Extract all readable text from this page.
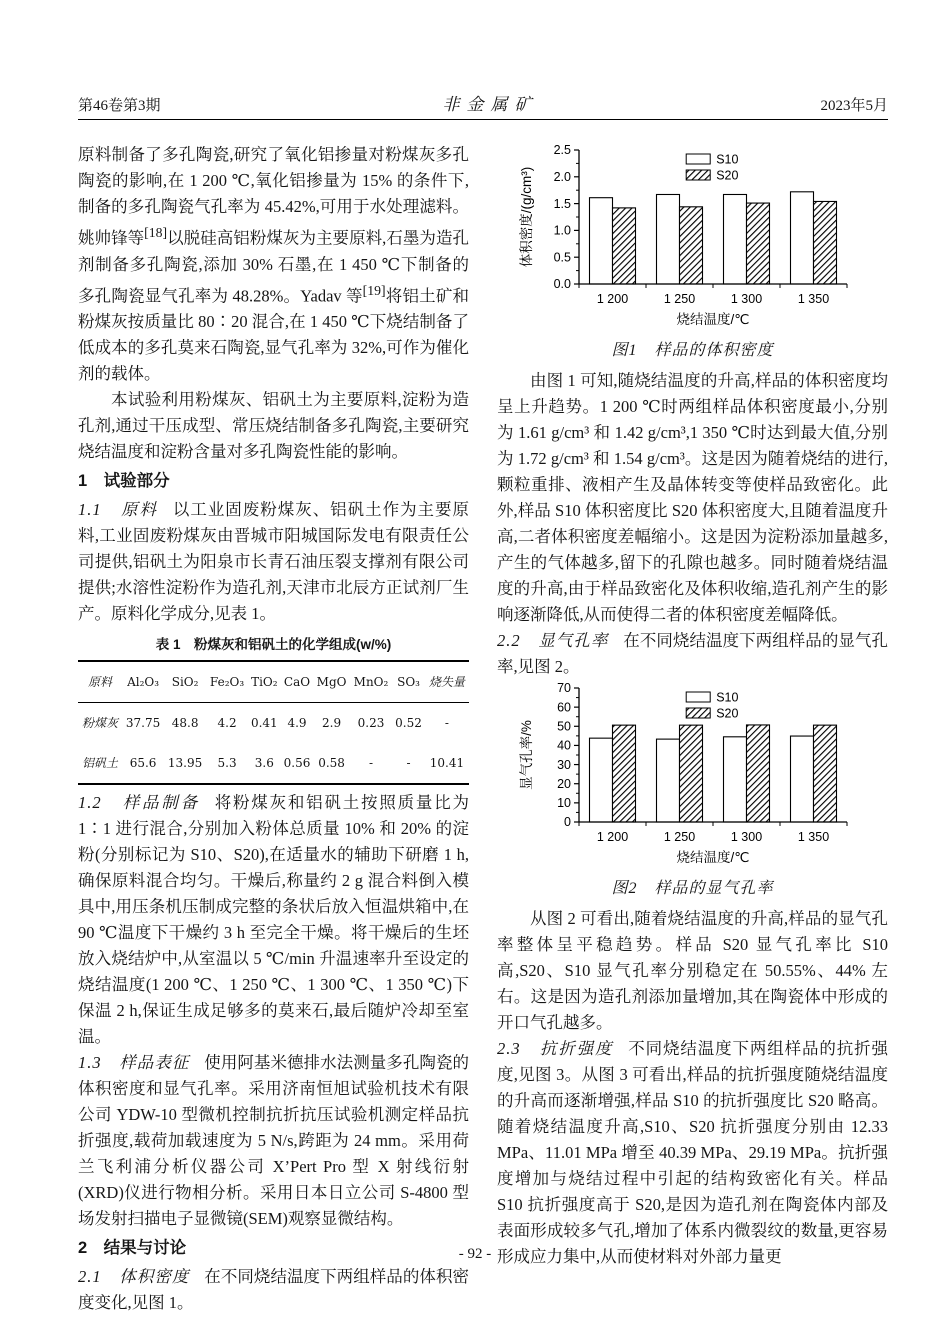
第46卷第3期	非金属矿	2023年5月

原料制备了多孔陶瓷,研究了氧化铝掺量对粉煤灰多孔陶瓷的影响,在 1 200 ℃,氧化铝掺量为 15% 的条件下,制备的多孔陶瓷气孔率为 45.42%,可用于水处理滤料。姚帅锋等[18]以脱硅高铝粉煤灰为主要原料,石墨为造孔剂制备多孔陶瓷,添加 30% 石墨,在 1 450 ℃下制备的多孔陶瓷显气孔率为 48.28%。Yadav 等[19]将铝土矿和粉煤灰按质量比 80∶20 混合,在 1 450 ℃下烧结制备了低成本的多孔莫来石陶瓷,显气孔率为 32%,可作为催化剂的载体。

本试验利用粉煤灰、铝矾土为主要原料,淀粉为造孔剂,通过干压成型、常压烧结制备多孔陶瓷,主要研究烧结温度和淀粉含量对多孔陶瓷性能的影响。

1　试验部分

1.1　原料 以工业固废粉煤灰、铝矾土作为主要原料,工业固废粉煤灰由晋城市阳城国际发电有限责任公司提供,铝矾土为阳泉市长青石油压裂支撑剂有限公司提供;水溶性淀粉作为造孔剂,天津市北辰方正试剂厂生产。原料化学成分,见表 1。

表 1　粉煤灰和铝矾土的化学组成(w/%)
原料	Al₂O₃	SiO₂	Fe₂O₃	TiO₂	CaO	MgO	MnO₂	SO₃	烧失量
粉煤灰	37.75	48.8	4.2	0.41	4.9	2.9	0.23	0.52	-
铝矾土	65.6	13.95	5.3	3.6	0.56	0.58	-	-	10.41

1.2　样品制备 将粉煤灰和铝矾土按照质量比为 1∶1 进行混合,分别加入粉体总质量 10% 和 20% 的淀粉(分别标记为 S10、S20),在适量水的辅助下研磨 1 h,确保原料混合均匀。干燥后,称量约 2 g 混合料倒入模具中,用压条机压制成完整的条状后放入恒温烘箱中,在 90 ℃温度下干燥约 3 h 至完全干燥。将干燥后的生坯放入烧结炉中,从室温以 5 ℃/min 升温速率升至设定的烧结温度(1 200 ℃、1 250 ℃、1 300 ℃、1 350 ℃)下保温 2 h,保证生成足够多的莫来石,最后随炉冷却至室温。

1.3　样品表征 使用阿基米德排水法测量多孔陶瓷的体积密度和显气孔率。采用济南恒旭试验机技术有限公司 YDW-10 型微机控制抗折抗压试验机测定样品抗折强度,载荷加载速度为 5 N/s,跨距为 24 mm。采用荷兰飞利浦分析仪器公司 X’Pert Pro 型 X 射线衍射(XRD)仪进行物相分析。采用日本日立公司 S-4800 型场发射扫描电子显微镜(SEM)观察显微结构。

2　结果与讨论

2.1　体积密度 在不同烧结温度下两组样品的体积密度变化,见图 1。

0.0
0.5
1.0
1.5
2.0
2.5
1 200	1 250	1 300	1 350
烧结温度/℃
体积密度/(g/cm³)
S10
S20
图1　样品的体积密度

由图 1 可知,随烧结温度的升高,样品的体积密度均呈上升趋势。1 200 ℃时两组样品体积密度最小,分别为 1.61 g/cm³ 和 1.42 g/cm³,1 350 ℃时达到最大值,分别为 1.72 g/cm³ 和 1.54 g/cm³。这是因为随着烧结的进行,颗粒重排、液相产生及晶体转变等使样品致密化。此外,样品 S10 体积密度比 S20 体积密度大,且随着温度升高,二者体积密度差幅缩小。这是因为淀粉添加量越多,产生的气体越多,留下的孔隙也越多。同时随着烧结温度的升高,由于样品致密化及体积收缩,造孔剂产生的影响逐渐降低,从而使得二者的体积密度差幅降低。

2.2　显气孔率 在不同烧结温度下两组样品的显气孔率,见图 2。

0
10
20
30
40
50
60
70
1 200	1 250	1 300	1 350
烧结温度/℃
显气孔率/%
S10
S20
图2　样品的显气孔率

从图 2 可看出,随着烧结温度的升高,样品的显气孔率整体呈平稳趋势。样品 S20 显气孔率比 S10 高,S20、S10 显气孔率分别稳定在 50.55%、44% 左右。这是因为造孔剂添加量增加,其在陶瓷体中形成的开口气孔越多。

2.3　抗折强度 不同烧结温度下两组样品的抗折强度,见图 3。从图 3 可看出,样品的抗折强度随烧结温度的升高而逐渐增强,样品 S10 的抗折强度比 S20 略高。随着烧结温度升高,S10、S20 抗折强度分别由 12.33 MPa、11.01 MPa 增至 40.39 MPa、29.19 MPa。抗折强度增加与烧结过程中引起的结构致密化有关。样品 S10 抗折强度高于 S20,是因为造孔剂在陶瓷体内部及表面形成较多气孔,增加了体系内微裂纹的数量,更容易形成应力集中,从而使材料对外部力量更

- 92 -
